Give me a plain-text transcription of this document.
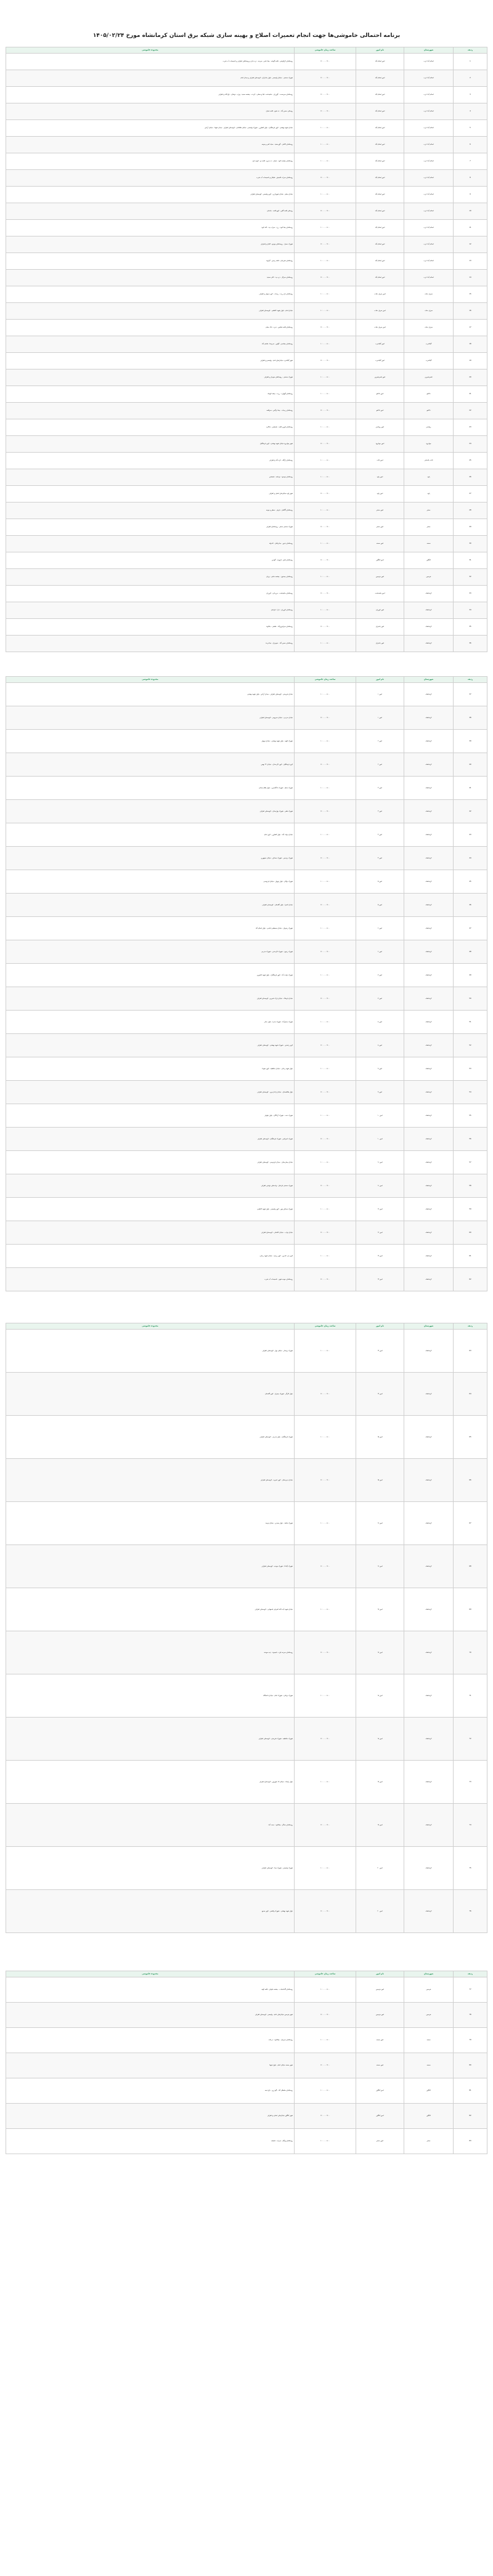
برنامه احتمالی خاموشی‌ها جهت انجام تعمیرات اصلاح و بهینه سازی شبکه برق استان کرمانشاه مورخ ۱۴۰۵/۰۲/۲۴
ردیف	شهرستان	نام امور	ساعت زمان خاموشی	محدوده خاموشی
1	اسلام آباد غرب	امور اسلام آباد	۰۹:۰۰ - ۱۱:۰۰	روستاهای کرکوشی ، قلعه گوشه ، چقا ناصر ، سرخه ، دره دیان و روستاهای اطراف و تاسیسات آب شرب
2	اسلام آباد غرب	امور اسلام آباد	۰۹:۰۰ - ۱۱:۰۰	شهرک صنعتی ، خیابان ولیعصر ، بلوار جانبازان ، کوچه‌های اطراف و میدان امام
3	اسلام آباد غرب	امور اسلام آباد	۰۹:۰۰ - ۱۱:۰۰	روستاهای سرمست ، گوزران ، ماهیدشت علیا و سفلی ، کرنده ، چشمه سفید ، ویژه ، دوشان ، باغ کلاه و اطراف
4	اسلام آباد غرب	امور اسلام آباد	۰۹:۰۰ - ۱۱:۰۰	روستای حسن آباد ، ده شیخ ، قلعه شیان
5	اسلام آباد غرب	امور اسلام آباد	۰۸:۰۰ - ۱۰:۰۰	خیابان شهید بهشتی ، کوی فرهنگیان ، بلوار کشاورز ، شهرک ولیعصر ، خیابان طالقانی ، کوچه‌های اطراف ، میدان شهدا ، خیابان آزادی
6	اسلام آباد غرب	امور اسلام آباد	۰۸:۰۰ - ۱۰:۰۰	روستاهای کلاش ، گورسفید ، سیاه کمر و حومه
7	اسلام آباد غرب	امور اسلام آباد	۰۸:۰۰ - ۱۰:۰۰	روستاهای چشمه کبود ، شیان ، ده سرخ ، قلعه نو ، کوچه باغ
8	اسلام آباد غرب	امور اسلام آباد	۰۹:۰۰ - ۱۱:۰۰	روستاهای سراب قامیش ، هلیلان و تاسیسات آب شرب
9	اسلام آباد غرب	امور اسلام آباد	۰۸:۰۰ - ۱۰:۰۰	خیابان معلم ، خیابان شهرداری ، کوی ولیعصر ، کوچه‌های اطراف
10	اسلام آباد غرب	امور اسلام آباد	۰۹:۰۰ - ۱۱:۰۰	روستای قلعه گلین ، کوچ قلعه ، باباخان
11	اسلام آباد غرب	امور اسلام آباد	۰۸:۰۰ - ۱۰:۰۰	روستاهای چقا کبود ، زرد ، سراب بید ، کله کبود
12	اسلام آباد غرب	امور اسلام آباد	۰۹:۰۰ - ۱۱:۰۰	شهرک حمیل ، روستاهای بیونیج ، کلیان و اطراف
13	اسلام آباد غرب	امور اسلام آباد	۰۸:۰۰ - ۱۰:۰۰	روستاهای شیرخان ، قلعه زنجیر ، گراوند
14	اسلام آباد غرب	امور اسلام آباد	۰۹:۰۰ - ۱۱:۰۰	روستاهای سرکل ، دره بید ، کانی سفید
15	سرپل ذهاب	امور سرپل ذهاب	۰۸:۰۰ - ۱۰:۰۰	روستاهای بان زرده ، ریجاب ، کوره موش و اطراف
16	سرپل ذهاب	امور سرپل ذهاب	۰۸:۰۰ - ۱۰:۰۰	خیابان امام ، بلوار شهید کاظمی ، کوچه‌های اطراف
17	سرپل ذهاب	امور سرپل ذهاب	۰۹:۰۰ - ۱۱:۰۰	روستاهای قلعه شاهین ، دیره ، تنگ حمام
18	گیلانغرب	امور گیلانغرب	۰۸:۰۰ - ۱۰:۰۰	روستاهای چقاسبز ، گواور ، سرچقا ، هاشم آباد
19	گیلانغرب	امور گیلانغرب	۰۹:۰۰ - ۱۱:۰۰	شهر گیلانغرب خیابان‌های امام ، ولیعصر و اطراف
20	قصرشیرین	امور قصرشیرین	۰۸:۰۰ - ۱۰:۰۰	شهرک صنعتی ، روستاهای سومار و اطراف
21	دالاهو	امور دالاهو	۰۸:۰۰ - ۱۰:۰۰	روستاهای گهواره ، زرده ، بیشه کوچک
22	دالاهو	امور دالاهو	۰۹:۰۰ - ۱۱:۰۰	روستاهای ریجاب ، چقا نرگس ، سرقلعه
23	روانسر	امور روانسر	۰۸:۰۰ - ۱۰:۰۰	روستاهای قوری قلعه ، شمشیر ، باباکره
24	جوانرود	امور جوانرود	۰۹:۰۰ - ۱۱:۰۰	شهر جوانرود خیابان شهید بهشتی ، کوی فرهنگیان
25	ثلاث باباجانی	امور ثلاث	۰۸:۰۰ - ۱۰:۰۰	روستاهای ازگله ، تازه آباد و اطراف
26	پاوه	امور پاوه	۰۸:۰۰ - ۱۰:۰۰	روستاهای نوسود ، نودشه ، شمشیر
27	پاوه	امور پاوه	۰۹:۰۰ - ۱۱:۰۰	شهر پاوه خیابان‌های اصلی و اطراف
28	سنقر	امور سنقر	۰۸:۰۰ - ۱۰:۰۰	روستاهای آگاهان ، فرش ، سطر و حومه
29	سنقر	امور سنقر	۰۹:۰۰ - ۱۱:۰۰	شهرک صنعتی سنقر ، روستاهای اطراف
30	صحنه	امور صحنه	۰۸:۰۰ - ۱۰:۰۰	روستاهای دینور ، میانراهان ، کندوله
31	کنگاور	امور کنگاور	۰۹:۰۰ - ۱۱:۰۰	روستاهای فش ، قزوینه ، گودین
32	هرسین	امور هرسین	۰۸:۰۰ - ۱۰:۰۰	روستاهای بیستون ، چشمه ماهی ، پریان
33	کرمانشاه	امور ماهیدشت	۰۹:۰۰ - ۱۱:۰۰	روستاهای ماهیدشت ، مرزبانی ، کوزران
34	کرمانشاه	امور کوزران	۰۸:۰۰ - ۱۰:۰۰	روستاهای کوزران ، دارا ، فرامان
35	کرمانشاه	امور باختران	۰۹:۰۰ - ۱۱:۰۰	روستاهای سرفیروزآباد ، هلشی ، جلالوند
36	کرمانشاه	امور باختران	۰۸:۰۰ - ۱۰:۰۰	روستاهای حسن آباد ، نجوبران ، میاندربند
ردیف	شهرستان	نام امور	ساعت زمان خاموشی	محدوده خاموشی
37	کرمانشاه	امور ۱	۰۸:۰۰ - ۱۰:۰۰	خیابان شریعتی ، کوچه‌های اطراف ، میدان آزادی ، بلوار شهید بهشتی
38	کرمانشاه	امور ۱	۰۹:۰۰ - ۱۱:۰۰	خیابان مدرس ، خیابان سیروس ، کوچه‌های اطراف
39	کرمانشاه	امور ۲	۰۸:۰۰ - ۱۰:۰۰	شهرک الهیه ، بلوار شهید بهشتی ، خیابان نوبهار
40	کرمانشاه	امور ۲	۰۹:۰۰ - ۱۱:۰۰	کوی فرهنگیان ، کوی کارمندان ، خیابان ۲۲ بهمن
41	کرمانشاه	امور ۳	۰۸:۰۰ - ۱۰:۰۰	شهرک معلم ، شهرک دادگستری ، بلوار طاق بستان
42	کرمانشاه	امور ۳	۰۹:۰۰ - ۱۱:۰۰	شهرک ظفر ، شهرک بهارستان ، کوچه‌های اطراف
43	کرمانشاه	امور ۴	۰۸:۰۰ - ۱۰:۰۰	خیابان دولت آباد ، بلوار کشاورز ، کوی امام
44	کرمانشاه	امور ۴	۰۹:۰۰ - ۱۱:۰۰	شهرک پردیس ، شهرک مسکن ، خیابان جمهوری
45	کرمانشاه	امور ۵	۰۸:۰۰ - ۱۰:۰۰	شهرک نوکان ، بلوار نوبهار ، خیابان فردوسی
46	کرمانشاه	امور ۵	۰۹:۰۰ - ۱۱:۰۰	خیابان کسرا ، بلوار گلستان ، کوچه‌های اطراف
47	کرمانشاه	امور ۶	۰۸:۰۰ - ۱۰:۰۰	شهرک رضوان ، خیابان مصطفی امامی ، بلوار اسلام آباد
48	کرمانشاه	امور ۶	۰۹:۰۰ - ۱۱:۰۰	شهرک زیتون ، شهرک کارمندی ، شهرک مدرس
49	کرمانشاه	امور ۷	۰۸:۰۰ - ۱۰:۰۰	شهرک دولت آباد ، کوی فرهنگیان ، بلوار شهید کشوری
50	کرمانشاه	امور ۷	۰۹:۰۰ - ۱۱:۰۰	خیابان فرهنگ ، خیابان پارک شیرین ، کوچه‌های اطراف
51	کرمانشاه	امور ۸	۰۸:۰۰ - ۱۰:۰۰	شهرک جعفرآباد ، شهرک صدرا ، بلوار عمار
52	کرمانشاه	امور ۸	۰۹:۰۰ - ۱۱:۰۰	کوی رشیدی ، شهرک شهید بهشتی ، کوچه‌های اطراف
53	کرمانشاه	امور ۹	۰۸:۰۰ - ۱۰:۰۰	بلوار شهید زمانی ، خیابان حافظیه ، کوی شهدا
54	کرمانشاه	امور ۹	۰۹:۰۰ - ۱۱:۰۰	بلوار طاقبستان ، خیابان ژاندارمری ، کوچه‌های اطراف
55	کرمانشاه	امور ۱۰	۰۸:۰۰ - ۱۰:۰۰	شهرک نفت ، شهرک آزادگان ، بلوار نیلوفر
56	کرمانشاه	امور ۱۰	۰۹:۰۰ - ۱۱:۰۰	شهرک امیرکبیر ، شهرک فرهنگیان ، کوچه‌های اطراف
57	کرمانشاه	امور ۱۱	۰۸:۰۰ - ۱۰:۰۰	خیابان بیمارستان ، میدان فردوسی ، کوچه‌های اطراف
58	کرمانشاه	امور ۱۱	۰۹:۰۰ - ۱۱:۰۰	شهرک صنعتی فرامان ، واحدهای تولیدی اطراف
59	کرمانشاه	امور ۱۲	۰۸:۰۰ - ۱۰:۰۰	شهرک مسکن مهر ، کوی ولیعصر ، بلوار شهید کاظمی
60	کرمانشاه	امور ۱۲	۰۹:۰۰ - ۱۱:۰۰	خیابان نواب ، خیابان کاشانی ، کوچه‌های اطراف
61	کرمانشاه	امور ۱۳	۰۸:۰۰ - ۱۰:۰۰	کوی بنی عامری ، کوی زینبیه ، خیابان شهید رجایی
62	کرمانشاه	امور ۱۳	۰۹:۰۰ - ۱۱:۰۰	روستاهای حومه شهر ، تاسیسات آب شرب
ردیف	شهرستان	نام امور	ساعت زمان خاموشی	محدوده خاموشی
63	کرمانشاه	امور ۱۴	۰۸:۰۰ - ۱۰:۰۰	شهرک پرستار ، خیابان بهار ، کوچه‌های اطراف
64	کرمانشاه	امور ۱۴	۰۹:۰۰ - ۱۱:۰۰	بلوار کارگر ، شهرک چمران ، کوی گلستان
65	کرمانشاه	امور ۱۵	۰۸:۰۰ - ۱۰:۰۰	شهرک فرهنگیان ، بلوار مدرس ، کوچه‌های اطراف
66	کرمانشاه	امور ۱۵	۰۹:۰۰ - ۱۱:۰۰	خیابان دبیرستان ، کوی امیریه ، کوچه‌های اطراف
67	کرمانشاه	امور ۱۶	۰۸:۰۰ - ۱۰:۰۰	شهرک شاهد ، بلوار سعدی ، خیابان توحید
68	کرمانشاه	امور ۱۶	۰۹:۰۰ - ۱۱:۰۰	شهرک آپادانا ، شهرک مهدیه ، کوچه‌های اطراف
69	کرمانشاه	امور ۱۷	۰۸:۰۰ - ۱۰:۰۰	خیابان شهید آیت الله اشرفی اصفهانی ، کوچه‌های اطراف
70	کرمانشاه	امور ۱۷	۰۹:۰۰ - ۱۱:۰۰	روستاهای سرخه لیژه ، قیسوند ، تپه سوخته
71	کرمانشاه	امور ۱۸	۰۸:۰۰ - ۱۰:۰۰	شهرک بوعلی ، شهرک امام ، خیابان دانشگاه
72	کرمانشاه	امور ۱۸	۰۹:۰۰ - ۱۱:۰۰	شهرک حافظیه ، شهرک شریعتی ، کوچه‌های اطراف
73	کرمانشاه	امور ۱۹	۰۸:۰۰ - ۱۰:۰۰	بلوار ارشاد ، خیابان ۱۷ شهریور ، کوچه‌های اطراف
74	کرمانشاه	امور ۱۹	۰۹:۰۰ - ۱۱:۰۰	روستاهای سنگر ، چقاکبود ، نجف آباد
75	کرمانشاه	امور ۲۰	۰۸:۰۰ - ۱۰:۰۰	شهرک ولیعصر ، شهرک مینا ، کوچه‌های اطراف
76	کرمانشاه	امور ۲۰	۰۹:۰۰ - ۱۱:۰۰	بلوار شهید بهشتی ، شهرک والفجر ، کوی بسیج
ردیف	شهرستان	نام امور	ساعت زمان خاموشی	محدوده خاموشی
77	هرسین	امور هرسین	۰۸:۰۰ - ۱۰:۰۰	روستاهای گاماسیاب ، چشمه نیلوفر ، قلعه کهنه
78	هرسین	امور هرسین	۰۹:۰۰ - ۱۱:۰۰	شهر هرسین خیابان‌های امام ، ولیعصر ، کوچه‌های اطراف
79	صحنه	امور صحنه	۰۸:۰۰ - ۱۰:۰۰	روستاهای سرمیل ، چقاکبود ، درخانه
80	صحنه	امور صحنه	۰۹:۰۰ - ۱۱:۰۰	شهر صحنه خیابان امام ، بلوار شهدا
81	کنگاور	امور کنگاور	۰۸:۰۰ - ۱۰:۰۰	روستاهای سلطان آباد ، گودرزی ، باغ دیمه
82	کنگاور	امور کنگاور	۰۹:۰۰ - ۱۱:۰۰	شهر کنگاور خیابان‌های اصلی و اطراف
83	سنقر	امور سنقر	۰۸:۰۰ - ۱۰:۰۰	روستاهای ویگل ، سراب ، قمشه
